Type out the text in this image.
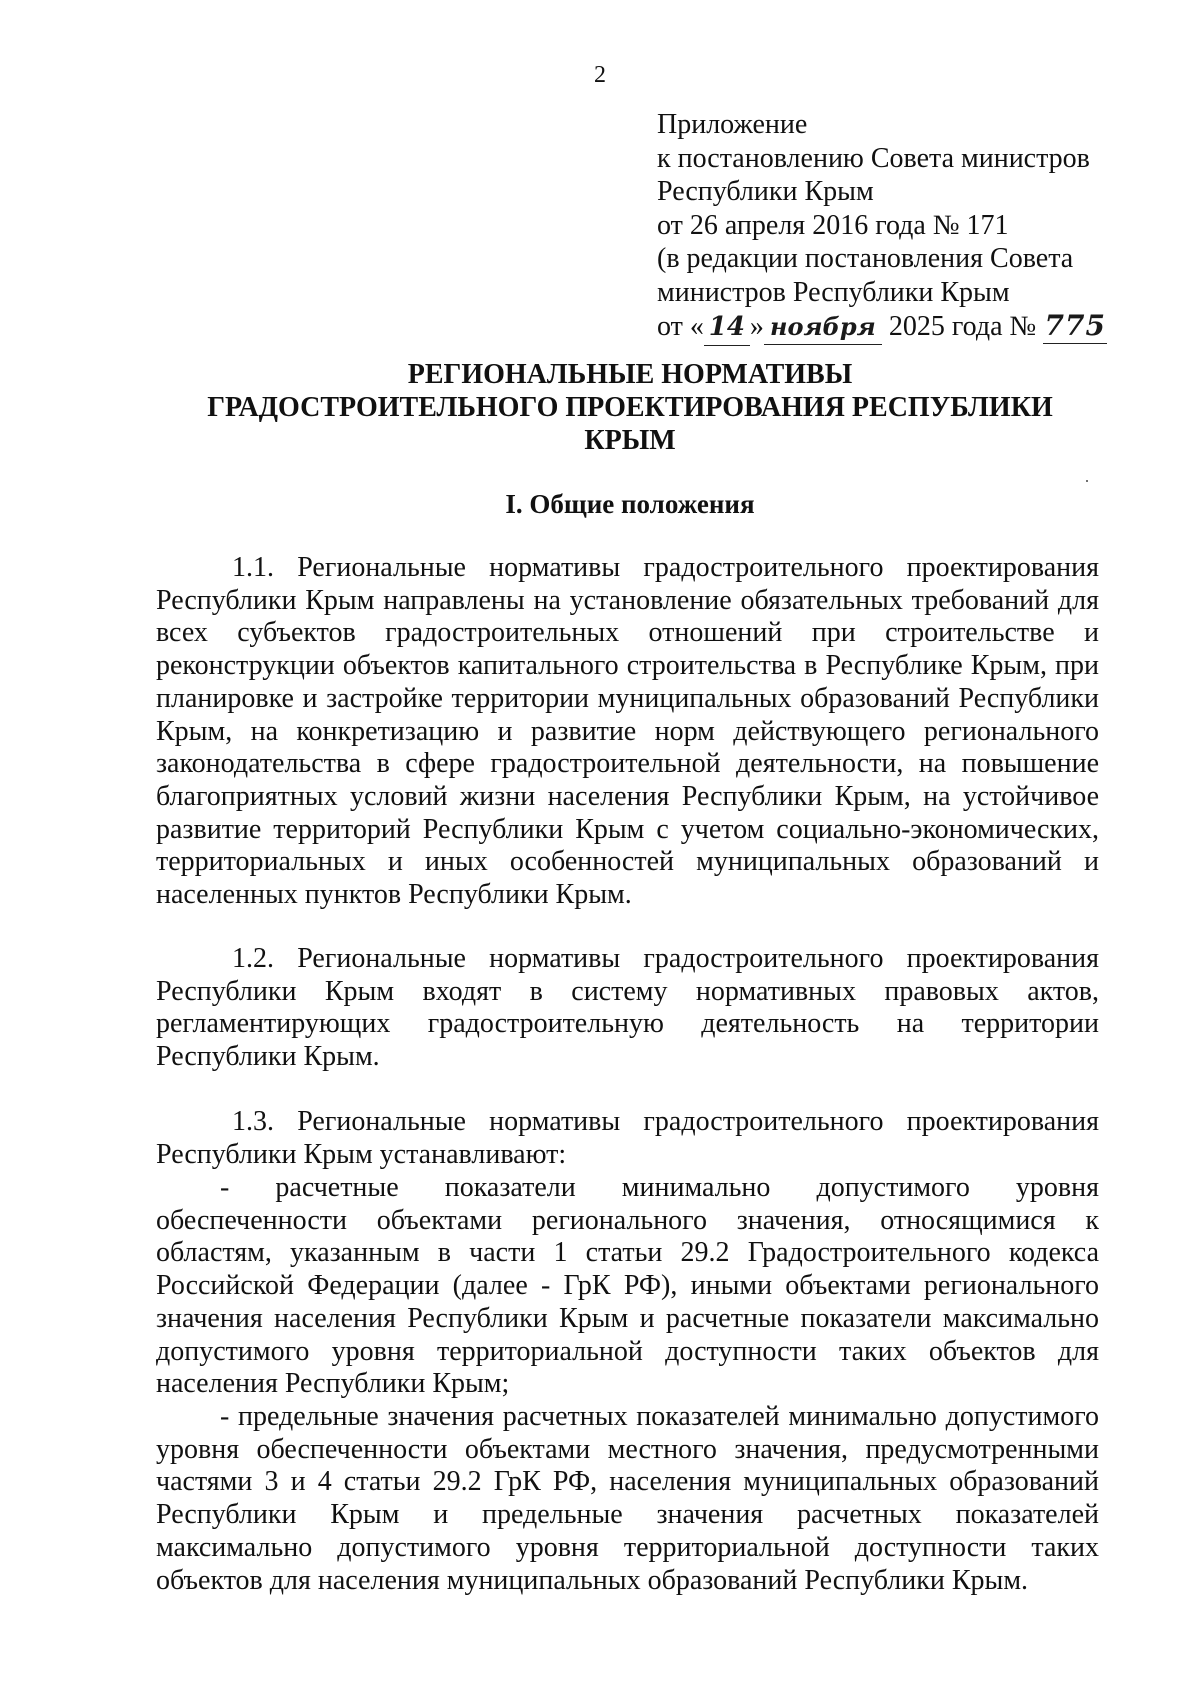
2
Приложение
к постановлению Совета министров
Республики Крым
от 26 апреля 2016 года № 171
(в редакции постановления Совета
министров Республики Крым
от « 14 » ноября 2025 года № 775
РЕГИОНАЛЬНЫЕ НОРМАТИВЫ
ГРАДОСТРОИТЕЛЬНОГО ПРОЕКТИРОВАНИЯ РЕСПУБЛИКИ
КРЫМ
I. Общие положения

1.1. Региональные нормативы градостроительного проектирования Республики Крым направлены на установление обязательных требований для всех субъектов градостроительных отношений при строительстве и реконструкции объектов капитального строительства в Республике Крым, при планировке и застройке территории муниципальных образований Республики Крым, на конкретизацию и развитие норм действующего регионального законодательства в сфере градостроительной деятельности, на повышение благоприятных условий жизни населения Республики Крым, на устойчивое развитие территорий Республики Крым с учетом социально-экономических, территориальных и иных особенностей муниципальных образований и населенных пунктов Республики Крым.

1.2. Региональные нормативы градостроительного проектирования Республики Крым входят в систему нормативных правовых актов, регламентирующих градостроительную деятельность на территории Республики Крым.

1.3. Региональные нормативы градостроительного проектирования Республики Крым устанавливают:

- расчетные показатели минимально допустимого уровня обеспеченности объектами регионального значения, относящимися к областям, указанным в части 1 статьи 29.2 Градостроительного кодекса Российской Федерации (далее - ГрК РФ), иными объектами регионального значения населения Республики Крым и расчетные показатели максимально допустимого уровня территориальной доступности таких объектов для населения Республики Крым;

- предельные значения расчетных показателей минимально допустимого уровня обеспеченности объектами местного значения, предусмотренными частями 3 и 4 статьи 29.2 ГрК РФ, населения муниципальных образований Республики Крым и предельные значения расчетных показателей максимально допустимого уровня территориальной доступности таких объектов для населения муниципальных образований Республики Крым.
